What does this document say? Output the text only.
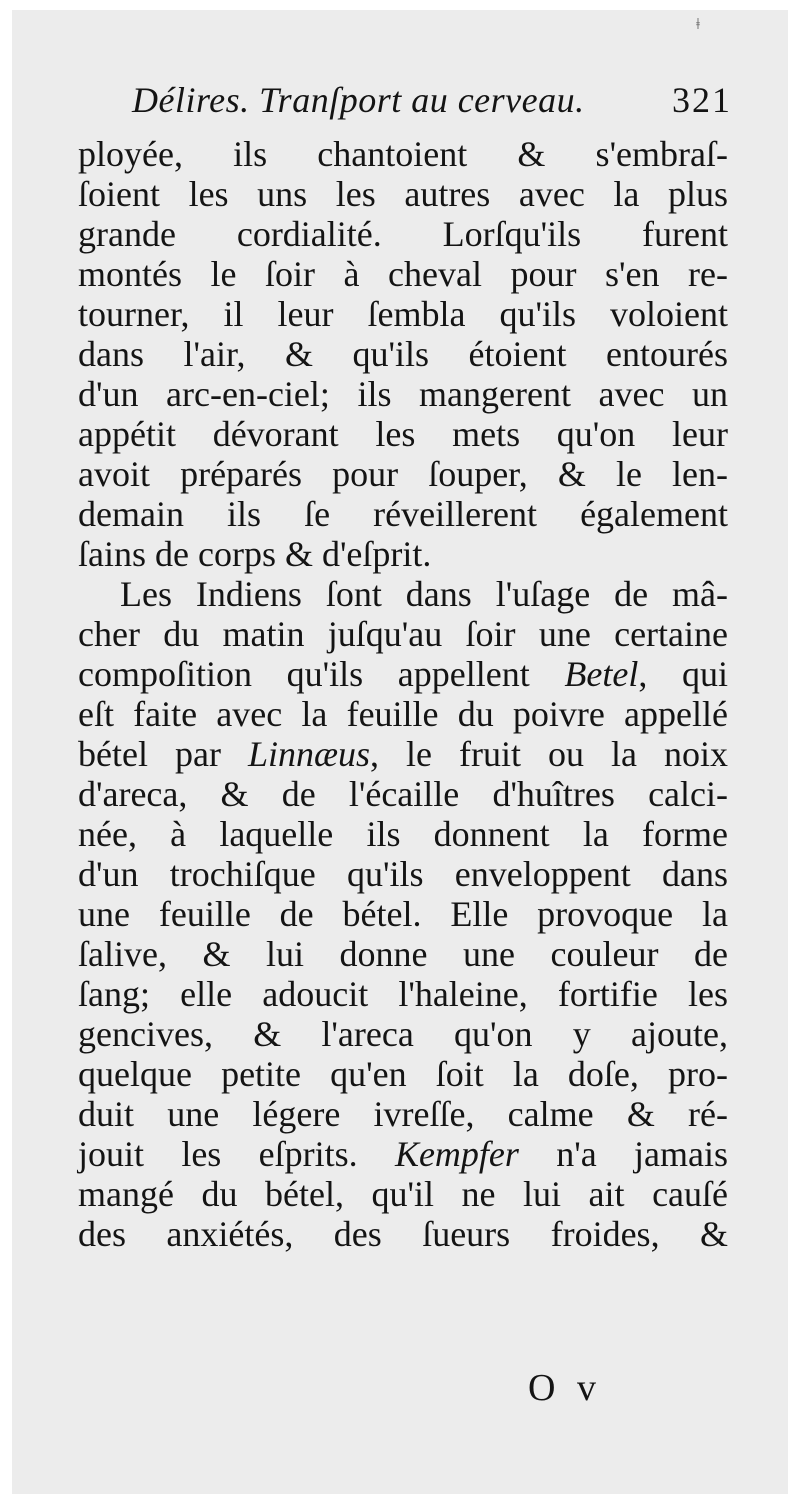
ǂ
Délires. Tranſport au cerveau. 321
ployée, ils chantoient & s'embraſ-
ſoient les uns les autres avec la plus
grande cordialité. Lorſqu'ils furent
montés le ſoir à cheval pour s'en re-
tourner, il leur ſembla qu'ils voloient
dans l'air, & qu'ils étoient entourés
d'un arc-en-ciel; ils mangerent avec un
appétit dévorant les mets qu'on leur
avoit préparés pour ſouper, & le len-
demain ils ſe réveillerent également
ſains de corps & d'eſprit.
Les Indiens ſont dans l'uſage de mâ-
cher du matin juſqu'au ſoir une certaine
compoſition qu'ils appellent Betel, qui
eſt faite avec la feuille du poivre appellé
bétel par Linnæus, le fruit ou la noix
d'areca, & de l'écaille d'huîtres calci-
née, à laquelle ils donnent la forme
d'un trochiſque qu'ils enveloppent dans
une feuille de bétel. Elle provoque la
ſalive, & lui donne une couleur de
ſang; elle adoucit l'haleine, fortifie les
gencives, & l'areca qu'on y ajoute,
quelque petite qu'en ſoit la doſe, pro-
duit une légere ivreſſe, calme & ré-
jouit les eſprits. Kempfer n'a jamais
mangé du bétel, qu'il ne lui ait cauſé
des anxiétés, des ſueurs froides, &
O v
